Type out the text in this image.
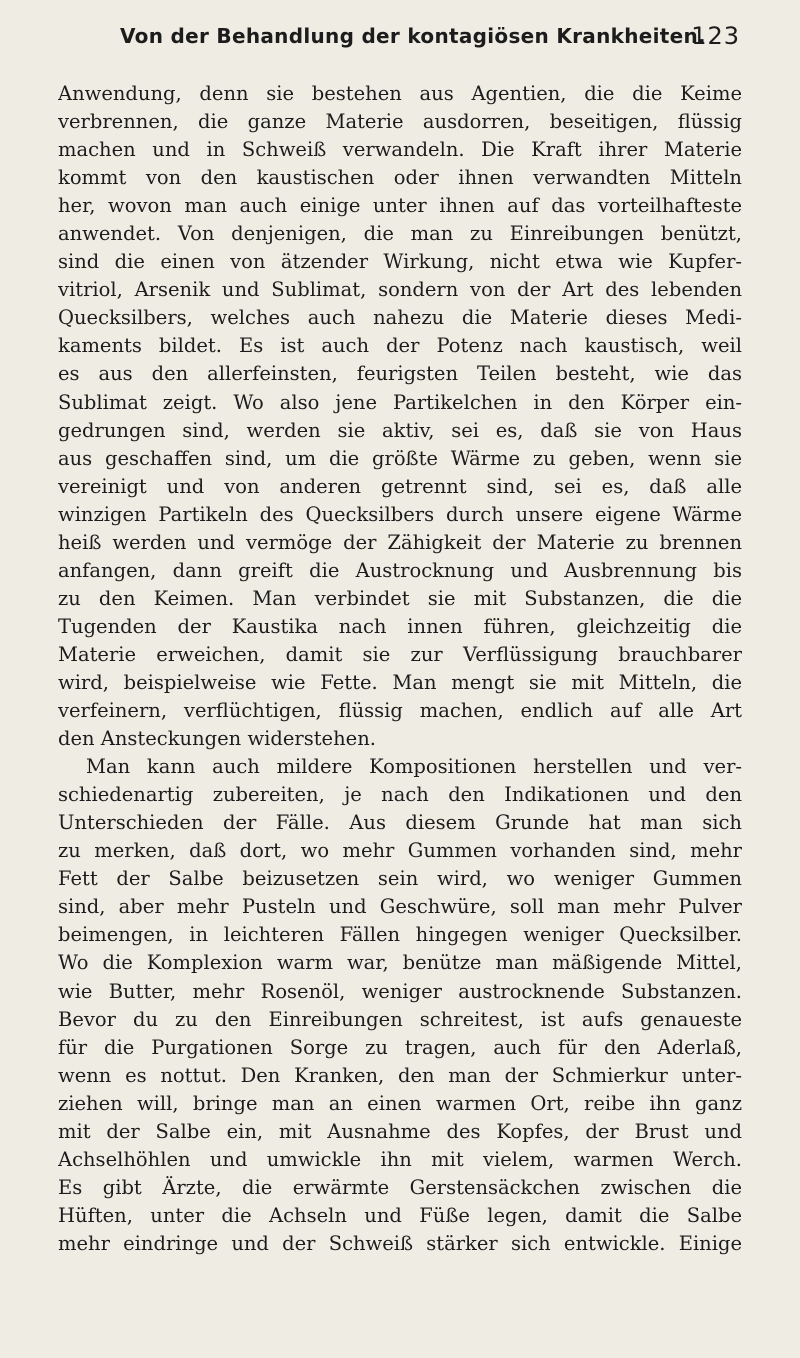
Von der Behandlung der kontagiösen Krankheiten.
123
Anwendung, denn sie bestehen aus Agentien, die die Keime
verbrennen, die ganze Materie ausdorren, beseitigen, flüssig
machen und in Schweiß verwandeln. Die Kraft ihrer Materie
kommt von den kaustischen oder ihnen verwandten Mitteln
her, wovon man auch einige unter ihnen auf das vorteilhafteste
anwendet. Von denjenigen, die man zu Einreibungen benützt,
sind die einen von ätzender Wirkung, nicht etwa wie Kupfer-
vitriol, Arsenik und Sublimat, sondern von der Art des lebenden
Quecksilbers, welches auch nahezu die Materie dieses Medi-
kaments bildet. Es ist auch der Potenz nach kaustisch, weil
es aus den allerfeinsten, feurigsten Teilen besteht, wie das
Sublimat zeigt. Wo also jene Partikelchen in den Körper ein-
gedrungen sind, werden sie aktiv, sei es, daß sie von Haus
aus geschaffen sind, um die größte Wärme zu geben, wenn sie
vereinigt und von anderen getrennt sind, sei es, daß alle
winzigen Partikeln des Quecksilbers durch unsere eigene Wärme
heiß werden und vermöge der Zähigkeit der Materie zu brennen
anfangen, dann greift die Austrocknung und Ausbrennung bis
zu den Keimen. Man verbindet sie mit Substanzen, die die
Tugenden der Kaustika nach innen führen, gleichzeitig die
Materie erweichen, damit sie zur Verflüssigung brauchbarer
wird, beispielweise wie Fette. Man mengt sie mit Mitteln, die
verfeinern, verflüchtigen, flüssig machen, endlich auf alle Art
den Ansteckungen widerstehen.
Man kann auch mildere Kompositionen herstellen und ver-
schiedenartig zubereiten, je nach den Indikationen und den
Unterschieden der Fälle. Aus diesem Grunde hat man sich
zu merken, daß dort, wo mehr Gummen vorhanden sind, mehr
Fett der Salbe beizusetzen sein wird, wo weniger Gummen
sind, aber mehr Pusteln und Geschwüre, soll man mehr Pulver
beimengen, in leichteren Fällen hingegen weniger Quecksilber.
Wo die Komplexion warm war, benütze man mäßigende Mittel,
wie Butter, mehr Rosenöl, weniger austrocknende Substanzen.
Bevor du zu den Einreibungen schreitest, ist aufs genaueste
für die Purgationen Sorge zu tragen, auch für den Aderlaß,
wenn es nottut. Den Kranken, den man der Schmierkur unter-
ziehen will, bringe man an einen warmen Ort, reibe ihn ganz
mit der Salbe ein, mit Ausnahme des Kopfes, der Brust und
Achselhöhlen und umwickle ihn mit vielem, warmen Werch.
Es gibt Ärzte, die erwärmte Gerstensäckchen zwischen die
Hüften, unter die Achseln und Füße legen, damit die Salbe
mehr eindringe und der Schweiß stärker sich entwickle. Einige
